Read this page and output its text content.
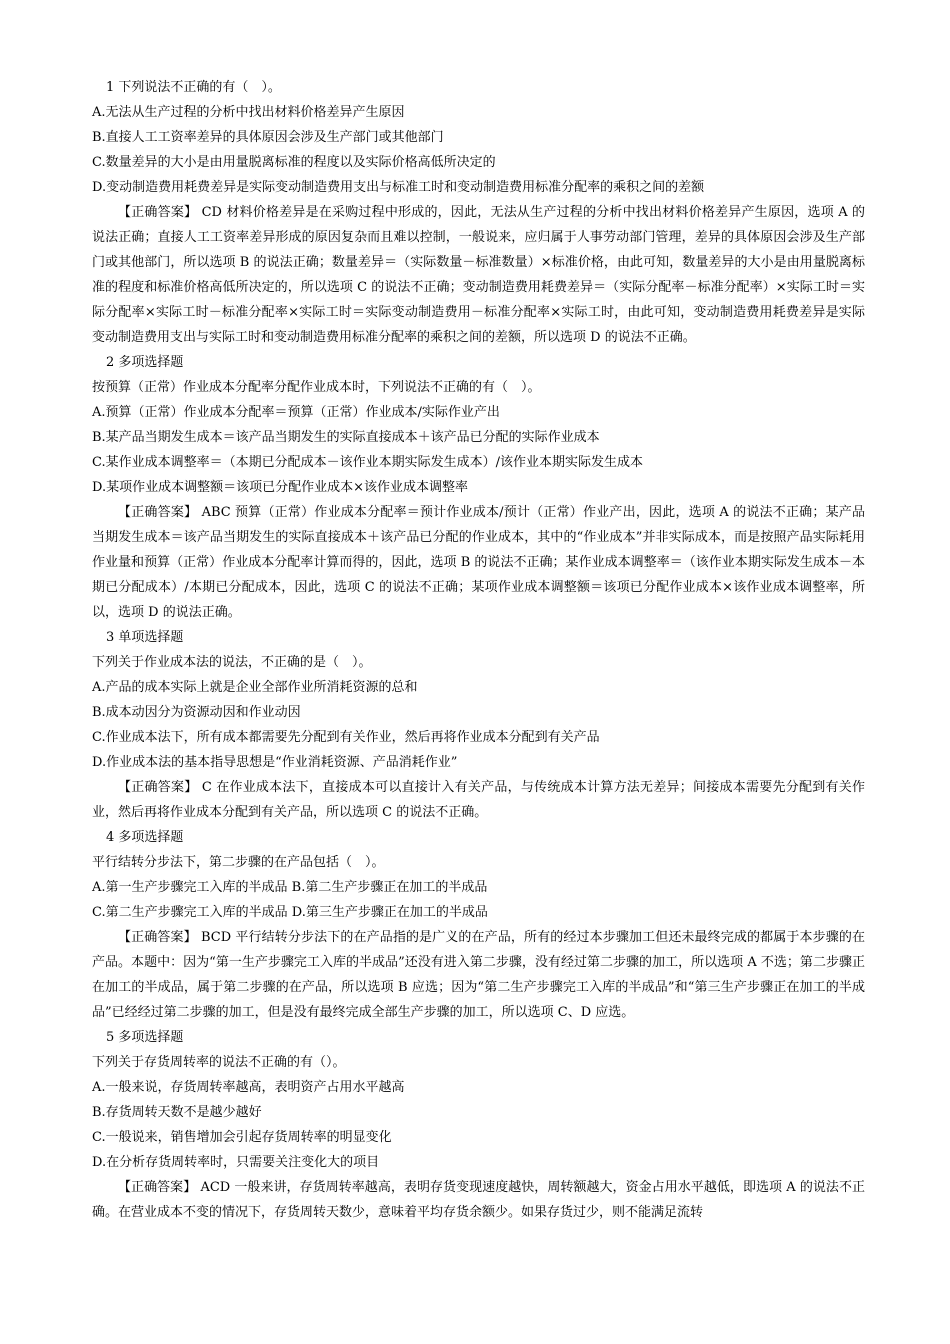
1 下列说法不正确的有（　）。
A.无法从生产过程的分析中找出材料价格差异产生原因
B.直接人工工资率差异的具体原因会涉及生产部门或其他部门
C.数量差异的大小是由用量脱离标准的程度以及实际价格高低所决定的
D.变动制造费用耗费差异是实际变动制造费用支出与标准工时和变动制造费用标准分配率的乘积之间的差额

【正确答案】 CD 材料价格差异是在采购过程中形成的，因此，无法从生产过程的分析中找出材料价格差异产生原因，选项 A 的说法正确；直接人工工资率差异形成的原因复杂而且难以控制，一般说来，应归属于人事劳动部门管理，差异的具体原因会涉及生产部门或其他部门，所以选项 B 的说法正确；数量差异＝（实际数量－标准数量）×标准价格，由此可知，数量差异的大小是由用量脱离标准的程度和标准价格高低所决定的，所以选项 C 的说法不正确；变动制造费用耗费差异＝（实际分配率－标准分配率）×实际工时＝实际分配率×实际工时－标准分配率×实际工时＝实际变动制造费用－标准分配率×实际工时，由此可知，变动制造费用耗费差异是实际变动制造费用支出与实际工时和变动制造费用标准分配率的乘积之间的差额，所以选项 D 的说法不正确。

2 多项选择题
按预算（正常）作业成本分配率分配作业成本时，下列说法不正确的有（　）。
A.预算（正常）作业成本分配率＝预算（正常）作业成本/实际作业产出
B.某产品当期发生成本＝该产品当期发生的实际直接成本＋该产品已分配的实际作业成本
C.某作业成本调整率＝（本期已分配成本－该作业本期实际发生成本）/该作业本期实际发生成本
D.某项作业成本调整额＝该项已分配作业成本×该作业成本调整率

【正确答案】 ABC 预算（正常）作业成本分配率＝预计作业成本/预计（正常）作业产出，因此，选项 A 的说法不正确；某产品当期发生成本＝该产品当期发生的实际直接成本＋该产品已分配的作业成本，其中的“作业成本”并非实际成本，而是按照产品实际耗用作业量和预算（正常）作业成本分配率计算而得的，因此，选项 B 的说法不正确；某作业成本调整率＝（该作业本期实际发生成本－本期已分配成本）/本期已分配成本，因此，选项 C 的说法不正确；某项作业成本调整额＝该项已分配作业成本×该作业成本调整率，所以，选项 D 的说法正确。

3 单项选择题
下列关于作业成本法的说法，不正确的是（　）。
A.产品的成本实际上就是企业全部作业所消耗资源的总和
B.成本动因分为资源动因和作业动因
C.作业成本法下，所有成本都需要先分配到有关作业，然后再将作业成本分配到有关产品
D.作业成本法的基本指导思想是“作业消耗资源、产品消耗作业”

【正确答案】 C 在作业成本法下，直接成本可以直接计入有关产品，与传统成本计算方法无差异；间接成本需要先分配到有关作业，然后再将作业成本分配到有关产品，所以选项 C 的说法不正确。

4 多项选择题
平行结转分步法下，第二步骤的在产品包括（　）。
A.第一生产步骤完工入库的半成品 B.第二生产步骤正在加工的半成品
C.第二生产步骤完工入库的半成品 D.第三生产步骤正在加工的半成品

【正确答案】 BCD 平行结转分步法下的在产品指的是广义的在产品，所有的经过本步骤加工但还未最终完成的都属于本步骤的在产品。本题中：因为“第一生产步骤完工入库的半成品”还没有进入第二步骤，没有经过第二步骤的加工，所以选项 A 不选；第二步骤正在加工的半成品，属于第二步骤的在产品，所以选项 B 应选；因为“第二生产步骤完工入库的半成品”和“第三生产步骤正在加工的半成品”已经经过第二步骤的加工，但是没有最终完成全部生产步骤的加工，所以选项 C、D 应选。

5 多项选择题
下列关于存货周转率的说法不正确的有（）。
A.一般来说，存货周转率越高，表明资产占用水平越高
B.存货周转天数不是越少越好
C.一般说来，销售增加会引起存货周转率的明显变化
D.在分析存货周转率时，只需要关注变化大的项目

【正确答案】 ACD 一般来讲，存货周转率越高，表明存货变现速度越快，周转额越大，资金占用水平越低，即选项 A 的说法不正确。在营业成本不变的情况下，存货周转天数少，意味着平均存货余额少。如果存货过少，则不能满足流转
